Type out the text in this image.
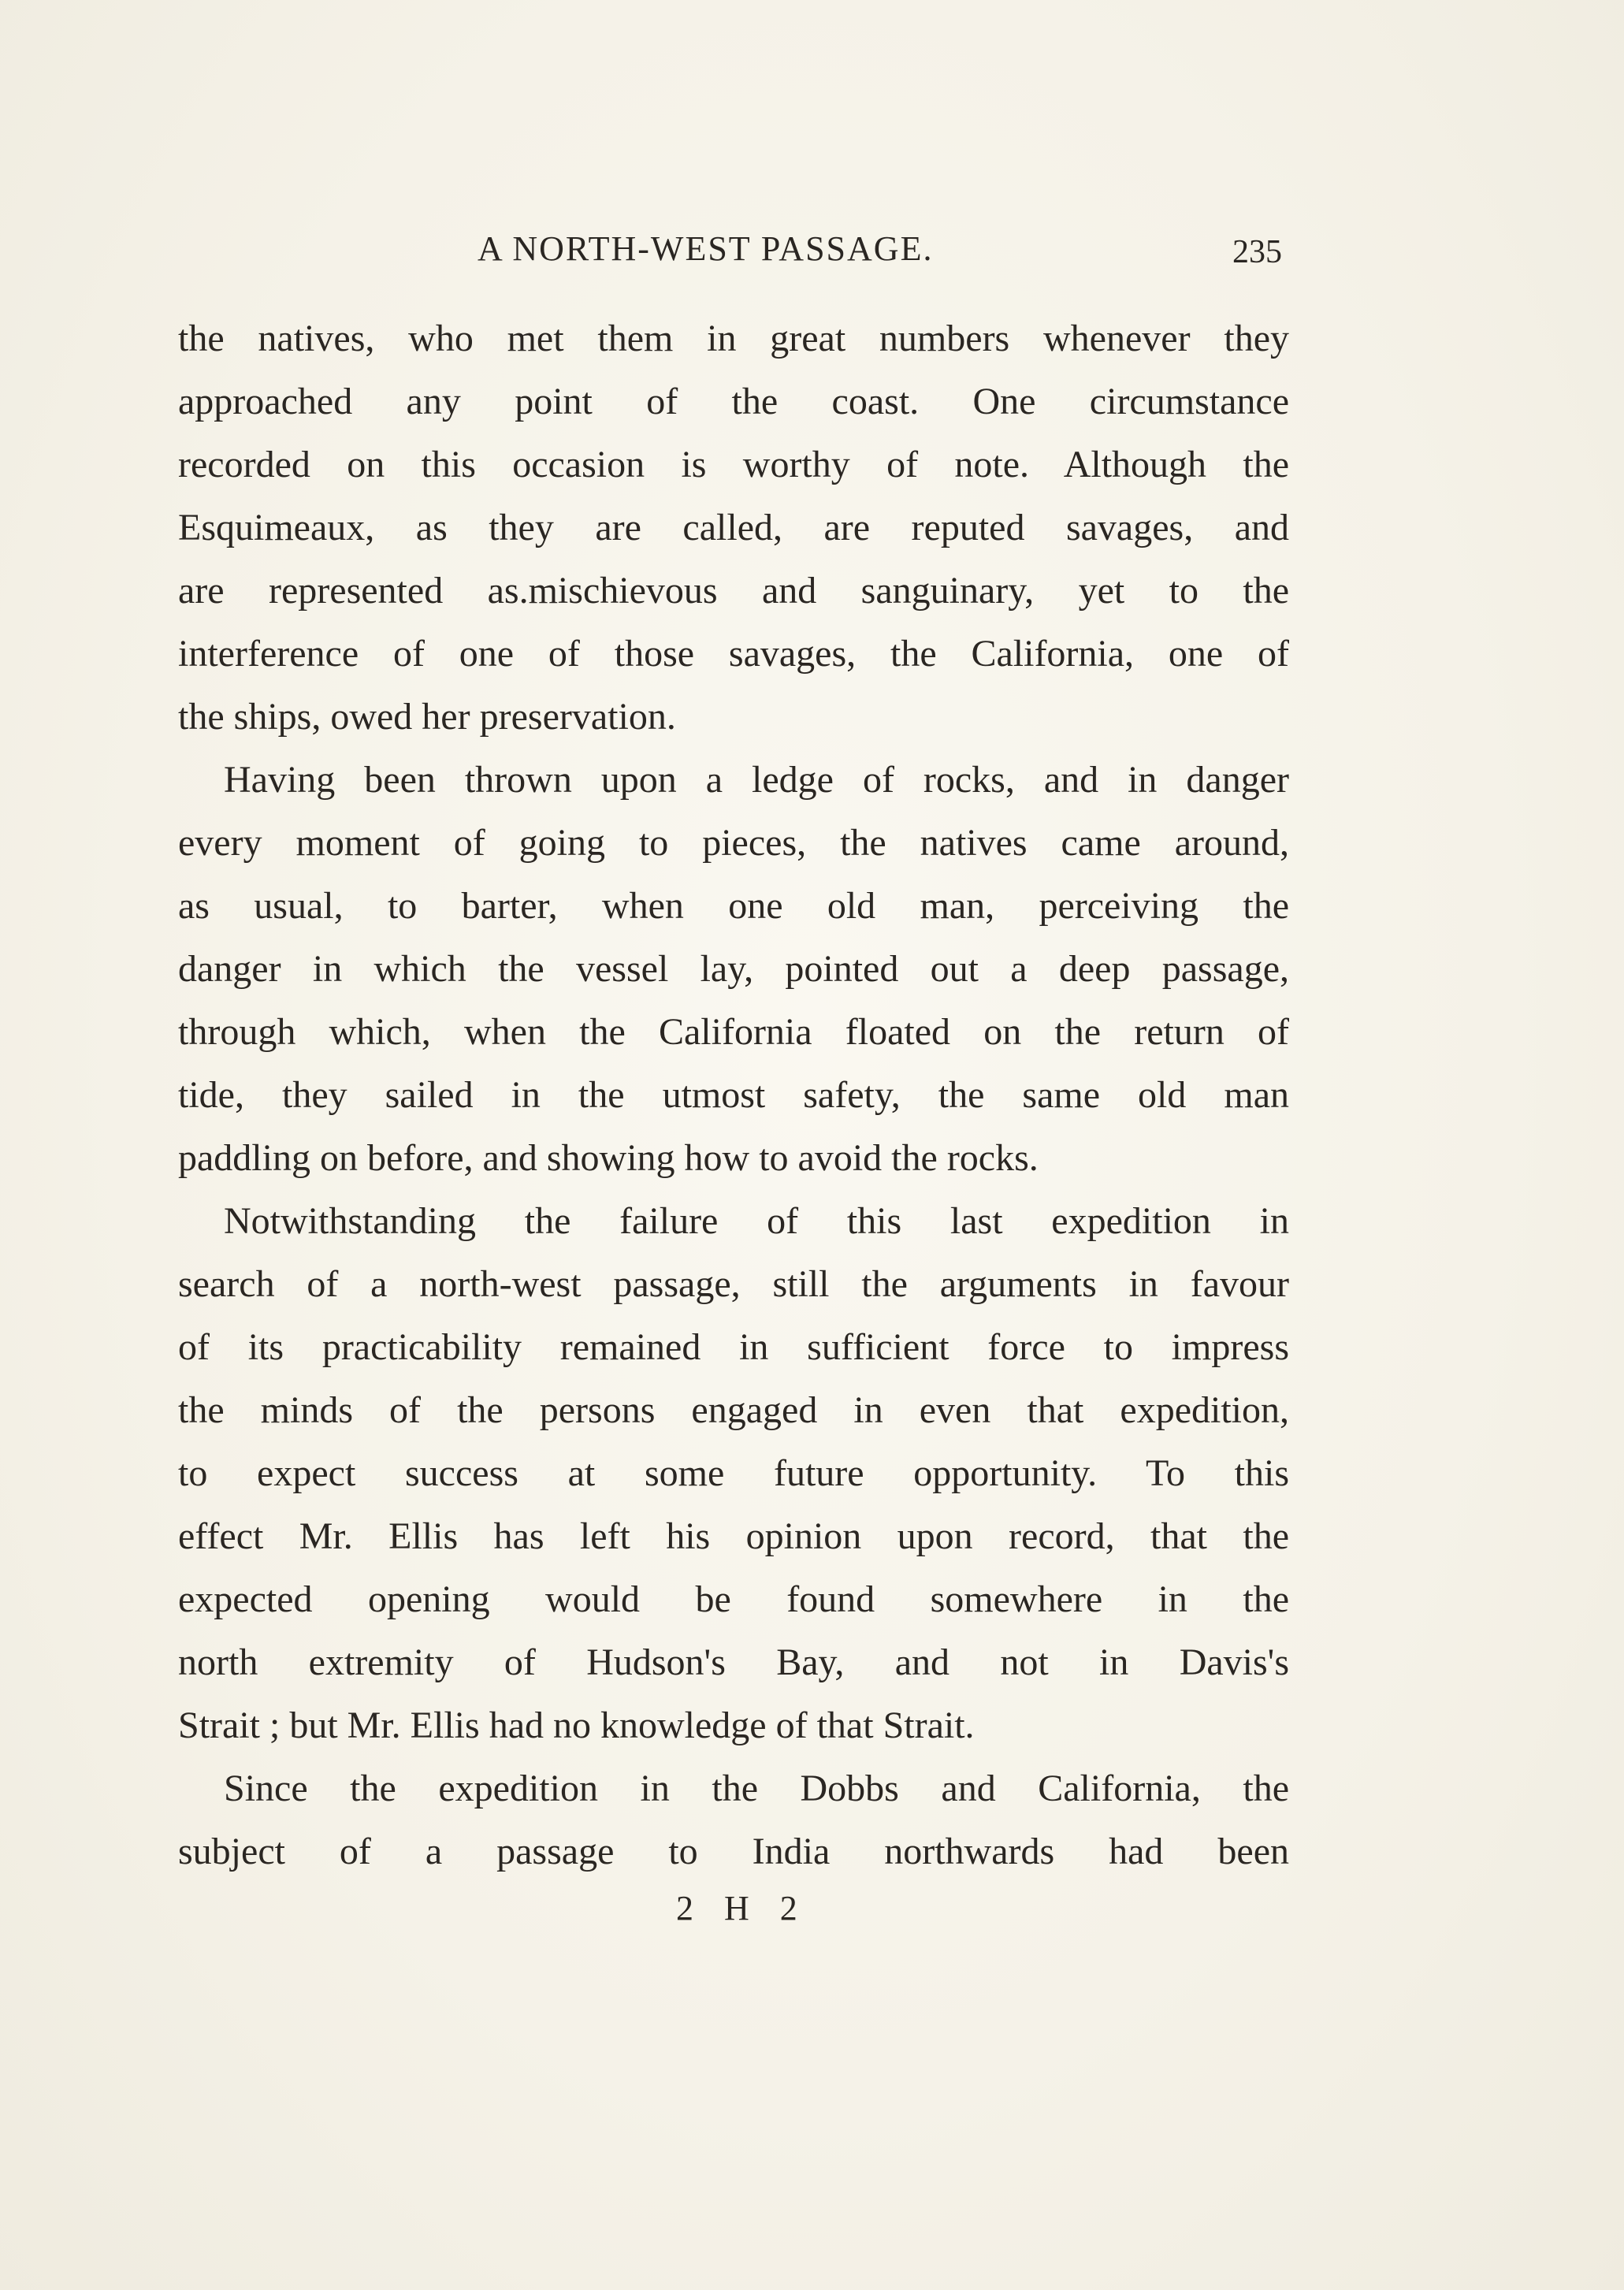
A NORTH-WEST PASSAGE.	235
the natives, who met them in great numbers whenever they
approached any point of the coast. One circumstance
recorded on this occasion is worthy of note. Although the
Esquimeaux, as they are called, are reputed savages, and
are represented as.mischievous and sanguinary, yet to the
interference of one of those savages, the California, one of
the ships, owed her preservation.
Having been thrown upon a ledge of rocks, and in danger
every moment of going to pieces, the natives came around,
as usual, to barter, when one old man, perceiving the
danger in which the vessel lay, pointed out a deep passage,
through which, when the California floated on the return of
tide, they sailed in the utmost safety, the same old man
paddling on before, and showing how to avoid the rocks.
Notwithstanding the failure of this last expedition in
search of a north-west passage, still the arguments in favour
of its practicability remained in sufficient force to impress
the minds of the persons engaged in even that expedition,
to expect success at some future opportunity. To this
effect Mr. Ellis has left his opinion upon record, that the
expected opening would be found somewhere in the
north extremity of Hudson's Bay, and not in Davis's
Strait ; but Mr. Ellis had no knowledge of that Strait.
Since the expedition in the Dobbs and California, the
subject of a passage to India northwards had been
2 H 2
